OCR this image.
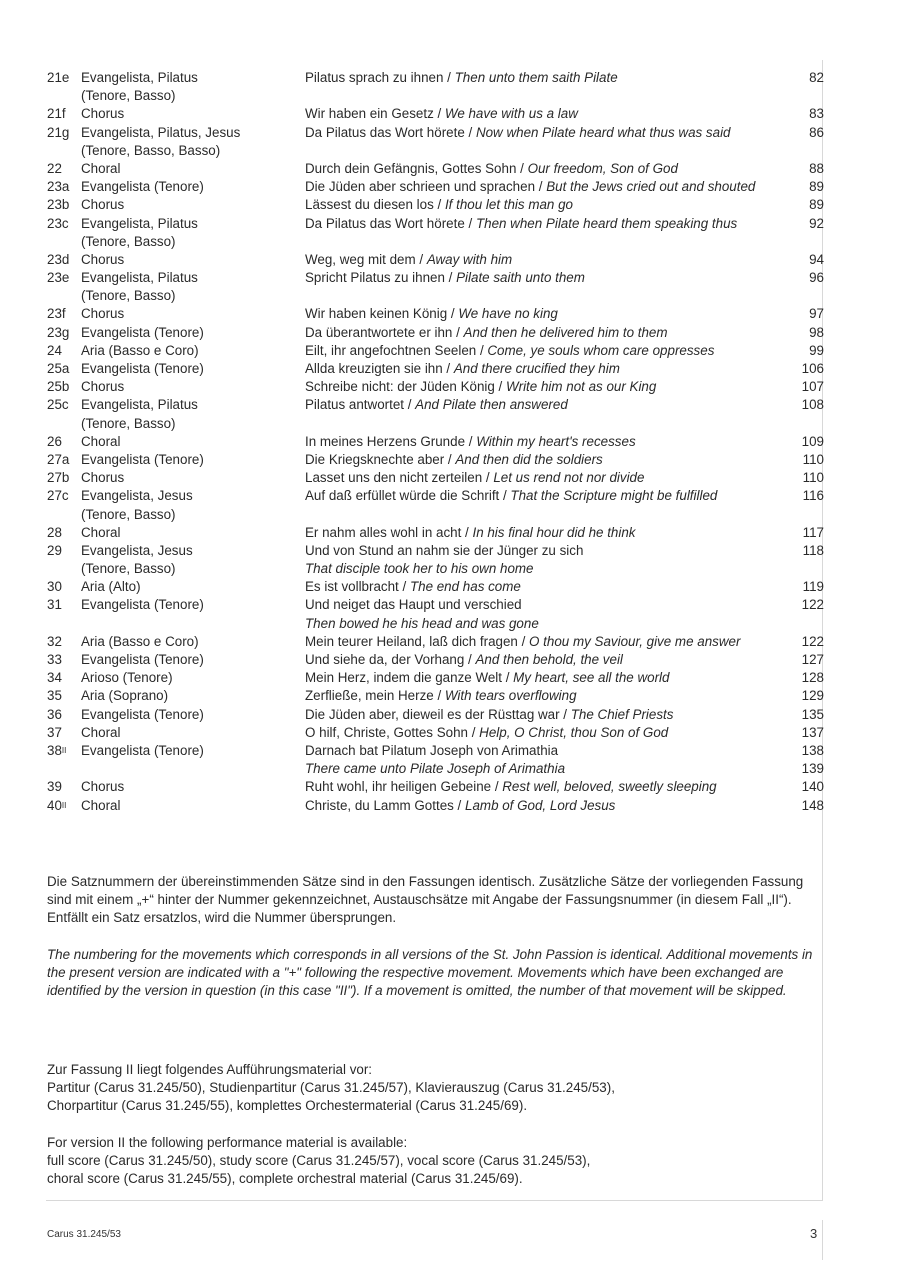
21e Evangelista, Pilatus	Pilatus sprach zu ihnen / Then unto them saith Pilate	82
(Tenore, Basso)
21f Chorus	Wir haben ein Gesetz / We have with us a law	83
21g Evangelista, Pilatus, Jesus	Da Pilatus das Wort hörete / Now when Pilate heard what thus was said	86
(Tenore, Basso, Basso)
22 Choral	Durch dein Gefängnis, Gottes Sohn / Our freedom, Son of God	88
23a Evangelista (Tenore)	Die Jüden aber schrieen und sprachen / But the Jews cried out and shouted	89
23b Chorus	Lässest du diesen los / If thou let this man go	89
23c Evangelista, Pilatus	Da Pilatus das Wort hörete / Then when Pilate heard them speaking thus	92
(Tenore, Basso)
23d Chorus	Weg, weg mit dem / Away with him	94
23e Evangelista, Pilatus	Spricht Pilatus zu ihnen / Pilate saith unto them	96
(Tenore, Basso)
23f Chorus	Wir haben keinen König / We have no king	97
23g Evangelista (Tenore)	Da überantwortete er ihn / And then he delivered him to them	98
24 Aria (Basso e Coro)	Eilt, ihr angefochtnen Seelen / Come, ye souls whom care oppresses	99
25a Evangelista (Tenore)	Allda kreuzigten sie ihn / And there crucified they him	106
25b Chorus	Schreibe nicht: der Jüden König / Write him not as our King	107
25c Evangelista, Pilatus	Pilatus antwortet / And Pilate then answered	108
(Tenore, Basso)
26 Choral	In meines Herzens Grunde / Within my heart's recesses	109
27a Evangelista (Tenore)	Die Kriegsknechte aber / And then did the soldiers	110
27b Chorus	Lasset uns den nicht zerteilen / Let us rend not nor divide	110
27c Evangelista, Jesus	Auf daß erfüllet würde die Schrift / That the Scripture might be fulfilled	116
(Tenore, Basso)
28 Choral	Er nahm alles wohl in acht / In his final hour did he think	117
29 Evangelista, Jesus	Und von Stund an nahm sie der Jünger zu sich	118
(Tenore, Basso)	That disciple took her to his own home
30 Aria (Alto)	Es ist vollbracht / The end has come	119
31 Evangelista (Tenore)	Und neiget das Haupt und verschied	122
Then bowed he his head and was gone
32 Aria (Basso e Coro)	Mein teurer Heiland, laß dich fragen / O thou my Saviour, give me answer	122
33 Evangelista (Tenore)	Und siehe da, der Vorhang / And then behold, the veil	127
34 Arioso (Tenore)	Mein Herz, indem die ganze Welt / My heart, see all the world	128
35 Aria (Soprano)	Zerfließe, mein Herze / With tears overflowing	129
36 Evangelista (Tenore)	Die Jüden aber, dieweil es der Rüsttag war / The Chief Priests	135
37 Choral	O hilf, Christe, Gottes Sohn / Help, O Christ, thou Son of God	137
$38^{II}$ Evangelista (Tenore)	Darnach bat Pilatum Joseph von Arimathia	138
There came unto Pilate Joseph of Arimathia	139
39 Chorus	Ruht wohl, ihr heiligen Gebeine / Rest well, beloved, sweetly sleeping	140
$40^{II}$ Choral	Christe, du Lamm Gottes / Lamb of God, Lord Jesus	148

Die Satznummern der übereinstimmenden Sätze sind in den Fassungen identisch. Zusätzliche Sätze der vorliegenden Fassung sind mit einem „+“ hinter der Nummer gekennzeichnet, Austauschsätze mit Angabe der Fassungsnummer (in diesem Fall „II“). Entfällt ein Satz ersatzlos, wird die Nummer übersprungen.

The numbering for the movements which corresponds in all versions of the St. John Passion is identical. Additional movements in the present version are indicated with a "+" following the respective movement. Movements which have been exchanged are identified by the version in question (in this case "II"). If a movement is omitted, the number of that movement will be skipped.

Zur Fassung II liegt folgendes Aufführungsmaterial vor:

Partitur (Carus 31.245/50), Studienpartitur (Carus 31.245/57), Klavierauszug (Carus 31.245/53),

Chorpartitur (Carus 31.245/55), komplettes Orchestermaterial (Carus 31.245/69).

For version II the following performance material is available:

full score (Carus 31.245/50), study score (Carus 31.245/57), vocal score (Carus 31.245/53),

choral score (Carus 31.245/55), complete orchestral material (Carus 31.245/69).

Carus 31.245/53	3
